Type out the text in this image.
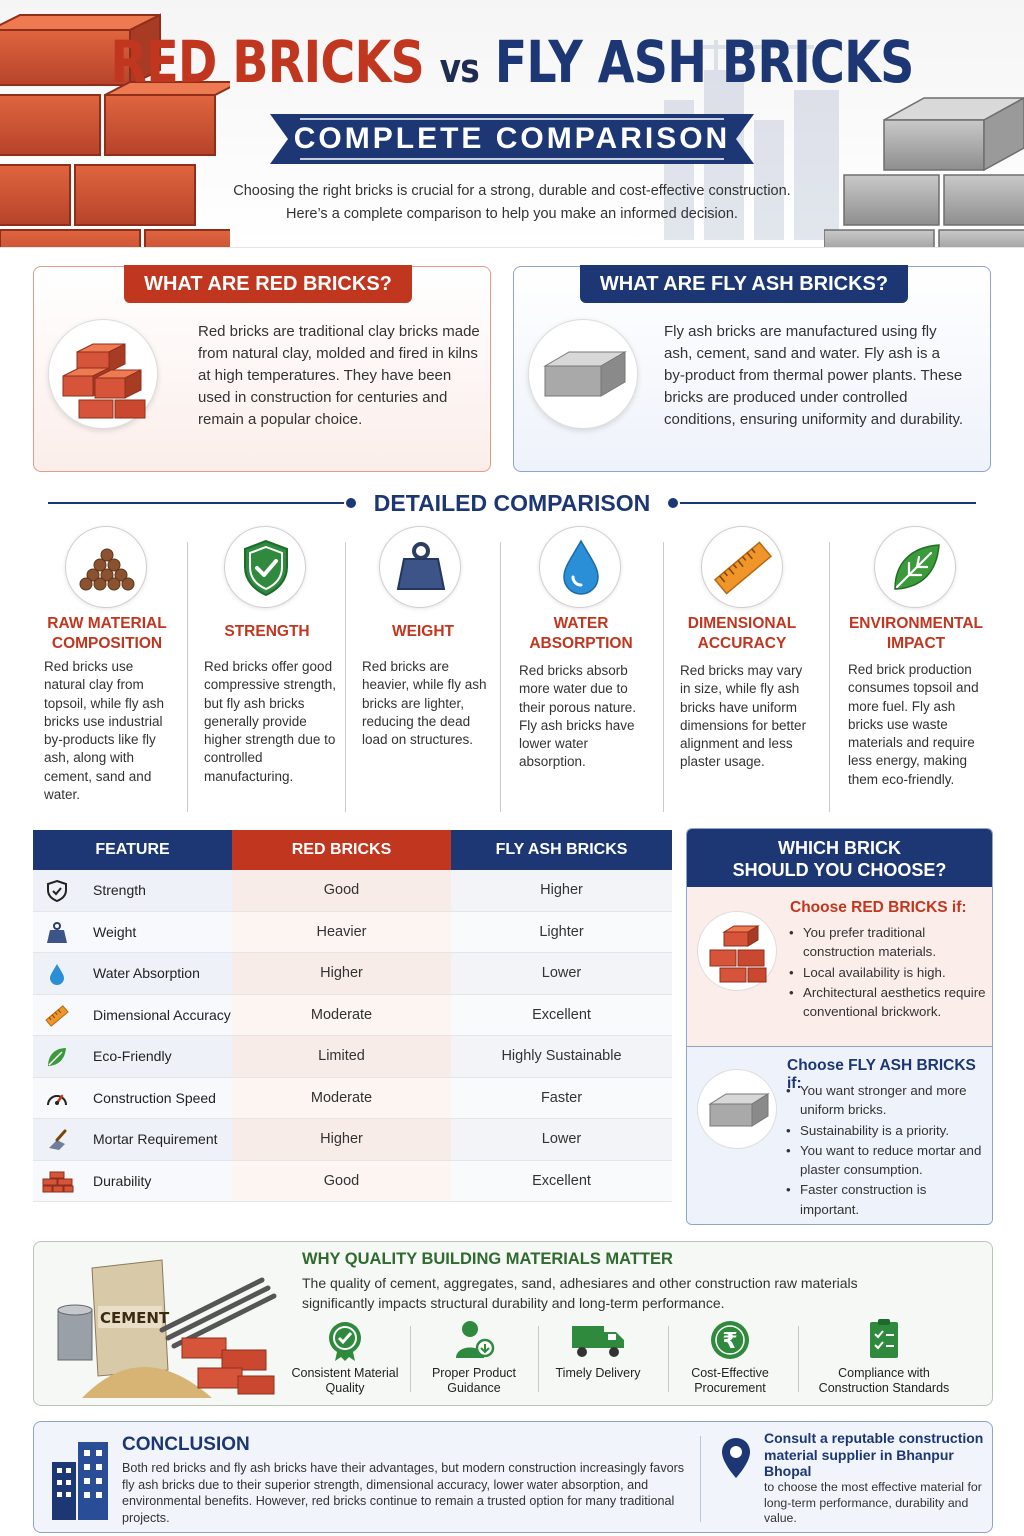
RED BRICKS vs FLY ASH BRICKS
COMPLETE COMPARISON
Choosing the right bricks is crucial for a strong, durable and cost-effective construction.
Here’s a complete comparison to help you make an informed decision.
WHAT ARE RED BRICKS?
Red bricks are traditional clay bricks made from natural clay, molded and fired in kilns at high temperatures. They have been used in construction for centuries and remain a popular choice.
WHAT ARE FLY ASH BRICKS?
Fly ash bricks are manufactured using fly ash, cement, sand and water. Fly ash is a by-product from thermal power plants. These bricks are produced under controlled conditions, ensuring uniformity and durability.
DETAILED COMPARISON
RAW MATERIAL COMPOSITION
Red bricks use natural clay from topsoil, while fly ash bricks use industrial by-products like fly ash, along with cement, sand and water.
STRENGTH
Red bricks offer good compressive strength, but fly ash bricks generally provide higher strength due to controlled manufacturing.
WEIGHT
Red bricks are heavier, while fly ash bricks are lighter, reducing the dead load on structures.
WATER ABSORPTION
Red bricks absorb more water due to their porous nature. Fly ash bricks have lower water absorption.
DIMENSIONAL ACCURACY
Red bricks may vary in size, while fly ash bricks have uniform dimensions for better alignment and less plaster usage.
ENVIRONMENTAL IMPACT
Red brick production consumes topsoil and more fuel. Fly ash bricks use waste materials and require less energy, making them eco-friendly.
FEATURE	RED BRICKS	FLY ASH BRICKS
Strength	Good	Higher
Weight	Heavier	Lighter
Water Absorption	Higher	Lower
Dimensional Accuracy	Moderate	Excellent
Eco-Friendly	Limited	Highly Sustainable
Construction Speed	Moderate	Faster
Mortar Requirement	Higher	Lower
Durability	Good	Excellent
WHICH BRICK
SHOULD YOU CHOOSE?
Choose RED BRICKS if:
• You prefer traditional construction materials.
• Local availability is high.
• Architectural aesthetics require conventional brickwork.
Choose FLY ASH BRICKS if:
• You want stronger and more uniform bricks.
• Sustainability is a priority.
• You want to reduce mortar and plaster consumption.
• Faster construction is important.
CEMENT
WHY QUALITY BUILDING MATERIALS MATTER
The quality of cement, aggregates, sand, adhesiares and other construction raw materials significantly impacts structural durability and long-term performance.
Consistent Material Quality
Proper Product Guidance
Timely Delivery
₹
Cost-Effective Procurement
Compliance with Construction Standards
CONCLUSION
Both red bricks and fly ash bricks have their advantages, but modern construction increasingly favors fly ash bricks due to their superior strength, dimensional accuracy, lower water absorption, and environmental benefits. However, red bricks continue to remain a trusted option for many traditional projects.
Consult a reputable construction material supplier in Bhanpur Bhopal
to choose the most effective material for long-term performance, durability and value.
